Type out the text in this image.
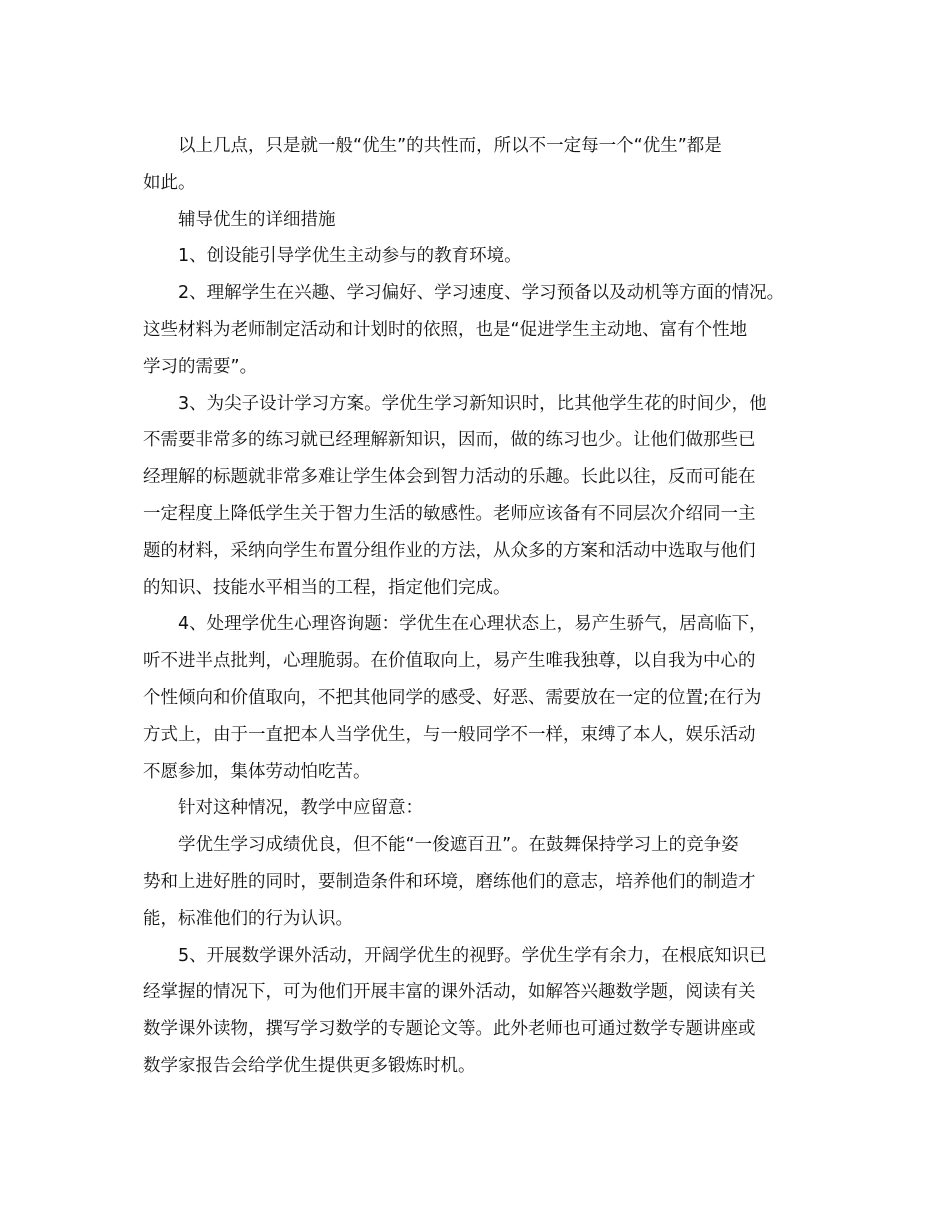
以上几点，只是就一般“优生”的共性而，所以不一定每一个“优生”都是
如此。
辅导优生的详细措施
1、创设能引导学优生主动参与的教育环境。
2、理解学生在兴趣、学习偏好、学习速度、学习预备以及动机等方面的情况。
这些材料为老师制定活动和计划时的依照，也是“促进学生主动地、富有个性地
学习的需要”。
3、为尖子设计学习方案。学优生学习新知识时，比其他学生花的时间少，他
不需要非常多的练习就已经理解新知识，因而，做的练习也少。让他们做那些已
经理解的标题就非常多难让学生体会到智力活动的乐趣。长此以往，反而可能在
一定程度上降低学生关于智力生活的敏感性。老师应该备有不同层次介绍同一主
题的材料，采纳向学生布置分组作业的方法，从众多的方案和活动中选取与他们
的知识、技能水平相当的工程，指定他们完成。
4、处理学优生心理咨询题：学优生在心理状态上，易产生骄气，居高临下，
听不进半点批判，心理脆弱。在价值取向上，易产生唯我独尊，以自我为中心的
个性倾向和价值取向，不把其他同学的感受、好恶、需要放在一定的位置;在行为
方式上，由于一直把本人当学优生，与一般同学不一样，束缚了本人，娱乐活动
不愿参加，集体劳动怕吃苦。
针对这种情况，教学中应留意：
学优生学习成绩优良，但不能“一俊遮百丑”。在鼓舞保持学习上的竞争姿
势和上进好胜的同时，要制造条件和环境，磨练他们的意志，培养他们的制造才
能，标准他们的行为认识。
5、开展数学课外活动，开阔学优生的视野。学优生学有余力，在根底知识已
经掌握的情况下，可为他们开展丰富的课外活动，如解答兴趣数学题，阅读有关
数学课外读物，撰写学习数学的专题论文等。此外老师也可通过数学专题讲座或
数学家报告会给学优生提供更多锻炼时机。
